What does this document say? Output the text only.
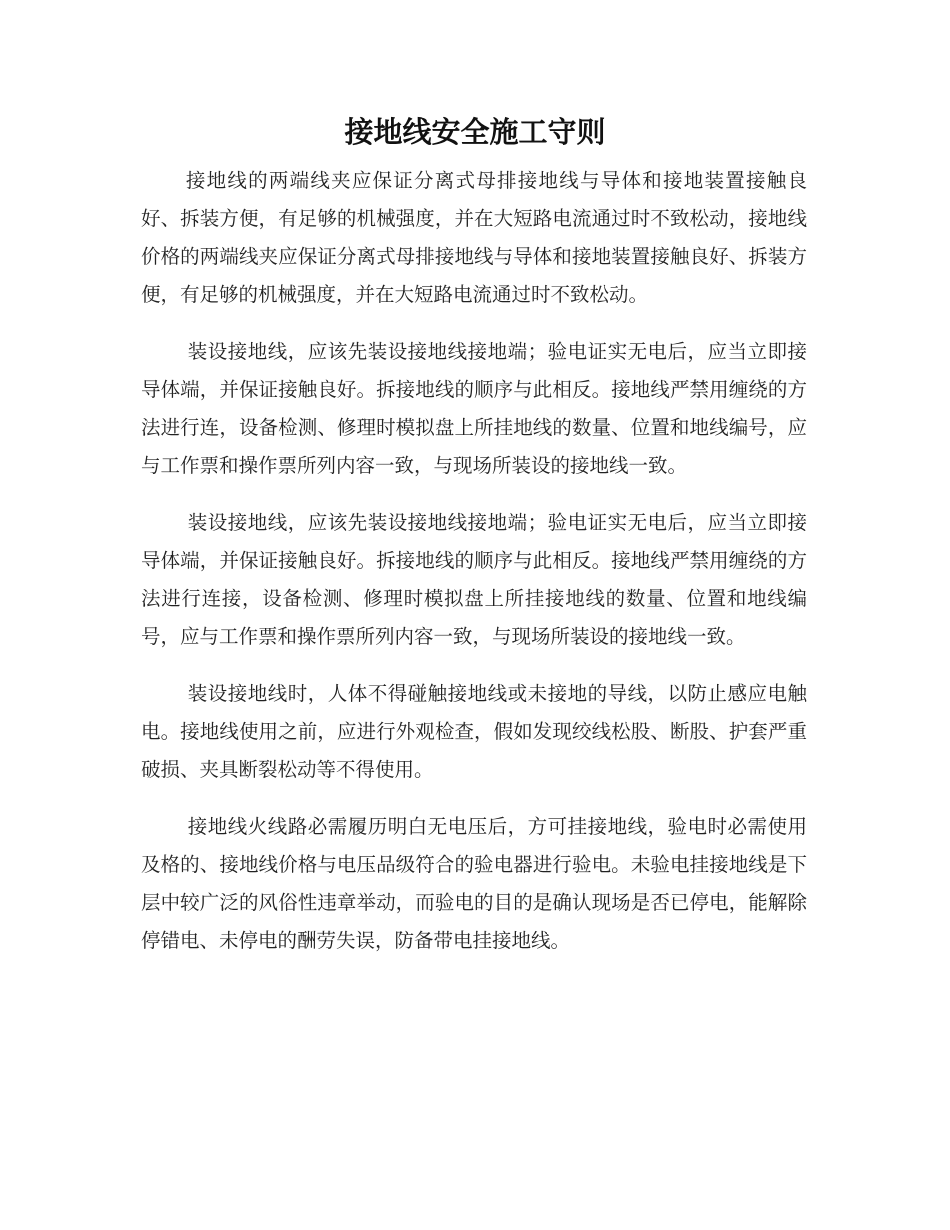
接地线安全施工守则

接地线的两端线夹应保证分离式母排接地线与导体和接地装置接触良好、拆装方便，有足够的机械强度，并在大短路电流通过时不致松动，接地线价格的两端线夹应保证分离式母排接地线与导体和接地装置接触良好、拆装方便，有足够的机械强度，并在大短路电流通过时不致松动。

装设接地线，应该先装设接地线接地端；验电证实无电后，应当立即接导体端，并保证接触良好。拆接地线的顺序与此相反。接地线严禁用缠绕的方法进行连，设备检测、修理时模拟盘上所挂地线的数量、位置和地线编号，应与工作票和操作票所列内容一致，与现场所装设的接地线一致。

装设接地线，应该先装设接地线接地端；验电证实无电后，应当立即接导体端，并保证接触良好。拆接地线的顺序与此相反。接地线严禁用缠绕的方法进行连接，设备检测、修理时模拟盘上所挂接地线的数量、位置和地线编号，应与工作票和操作票所列内容一致，与现场所装设的接地线一致。

装设接地线时，人体不得碰触接地线或未接地的导线，以防止感应电触电。接地线使用之前，应进行外观检查，假如发现绞线松股、断股、护套严重破损、夹具断裂松动等不得使用。

接地线火线路必需履历明白无电压后，方可挂接地线，验电时必需使用及格的、接地线价格与电压品级符合的验电器进行验电。未验电挂接地线是下层中较广泛的风俗性违章举动，而验电的目的是确认现场是否已停电，能解除停错电、未停电的酬劳失误，防备带电挂接地线。
